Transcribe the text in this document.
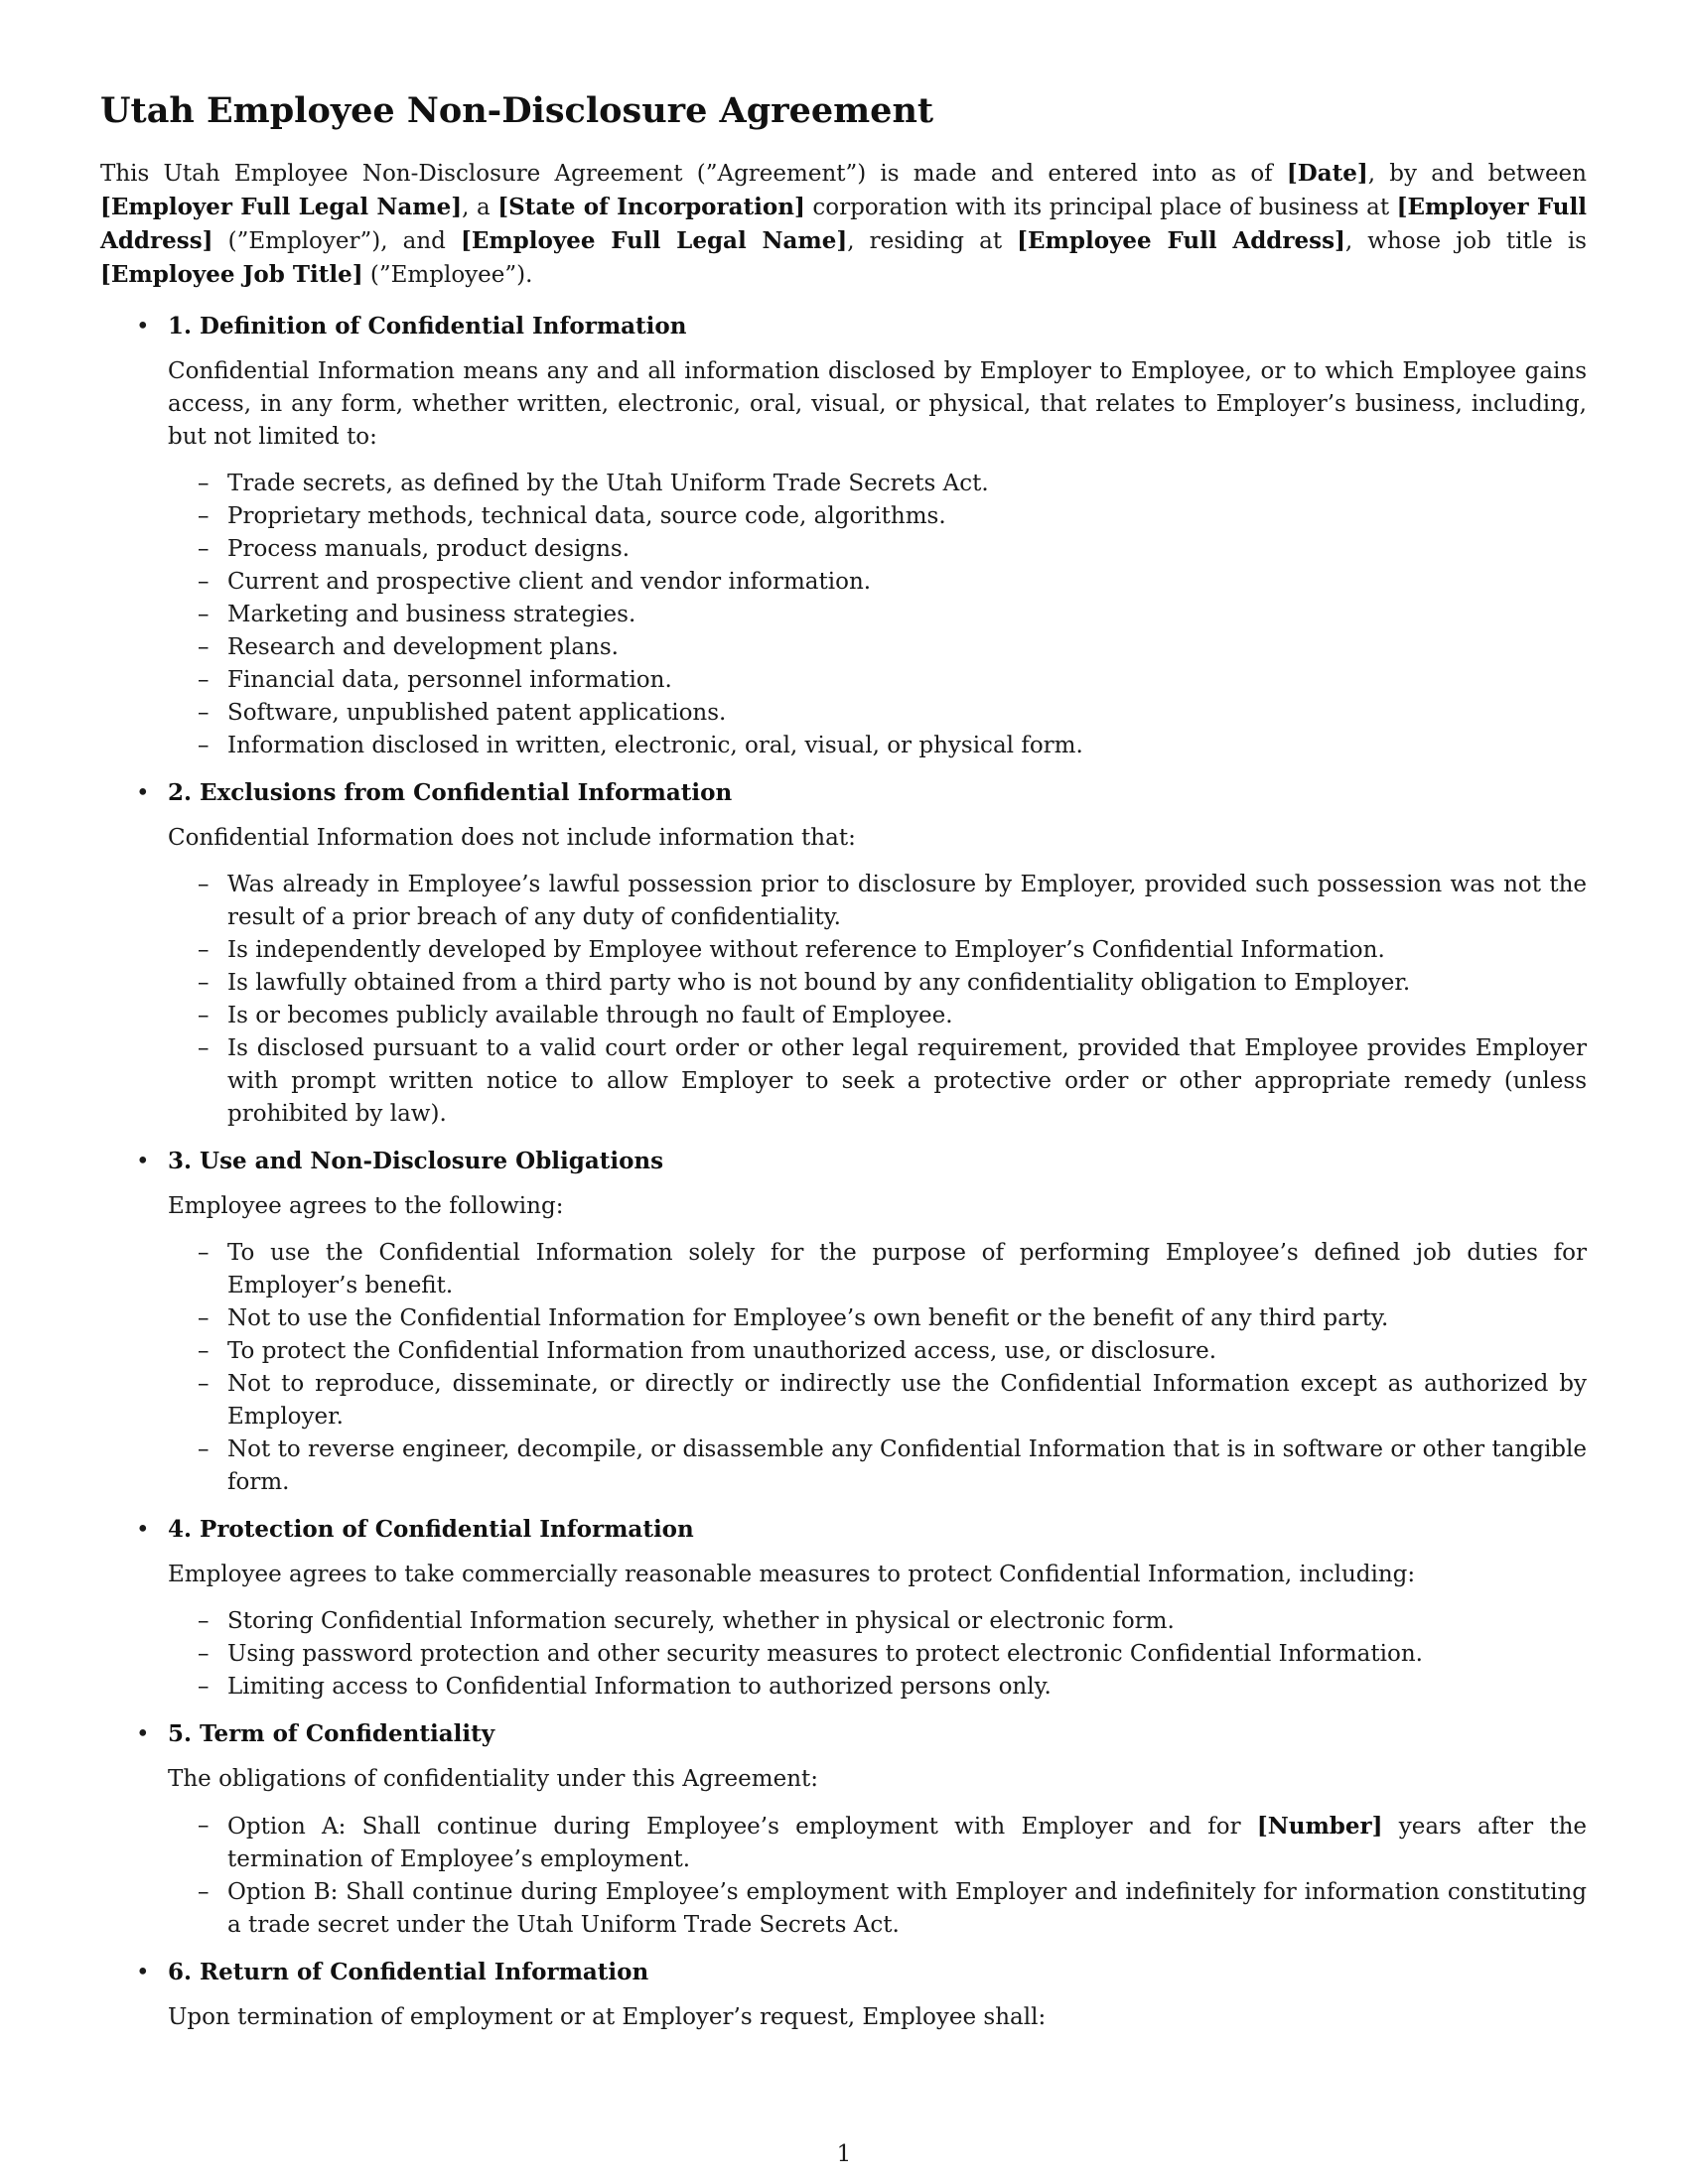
Utah Employee Non-Disclosure Agreement

This Utah Employee Non-Disclosure Agreement (”Agreement”) is made and entered into as of [Date], by and between [Employer Full Legal Name], a [State of Incorporation] corporation with its principal place of business at [Employer Full Address] (”Employer”), and [Employee Full Legal Name], residing at [Employee Full Address], whose job title is [Employee Job Title] (”Employee”).

• 1. Definition of Confidential Information

Confidential Information means any and all information disclosed by Employer to Employee, or to which Employee gains access, in any form, whether written, electronic, oral, visual, or physical, that relates to Employer’s business, including, but not limited to:

– Trade secrets, as defined by the Utah Uniform Trade Secrets Act.
– Proprietary methods, technical data, source code, algorithms.
– Process manuals, product designs.
– Current and prospective client and vendor information.
– Marketing and business strategies.
– Research and development plans.
– Financial data, personnel information.
– Software, unpublished patent applications.
– Information disclosed in written, electronic, oral, visual, or physical form.
• 2. Exclusions from Confidential Information

Confidential Information does not include information that:

– Was already in Employee’s lawful possession prior to disclosure by Employer, provided such possession was not the result of a prior breach of any duty of confidentiality.
– Is independently developed by Employee without reference to Employer’s Confidential Information.
– Is lawfully obtained from a third party who is not bound by any confidentiality obligation to Employer.
– Is or becomes publicly available through no fault of Employee.
– Is disclosed pursuant to a valid court order or other legal requirement, provided that Employee provides Employer with prompt written notice to allow Employer to seek a protective order or other appropriate remedy (unless prohibited by law).
• 3. Use and Non-Disclosure Obligations

Employee agrees to the following:

– To use the Confidential Information solely for the purpose of performing Employee’s defined job duties for Employer’s benefit.
– Not to use the Confidential Information for Employee’s own benefit or the benefit of any third party.
– To protect the Confidential Information from unauthorized access, use, or disclosure.
– Not to reproduce, disseminate, or directly or indirectly use the Confidential Information except as authorized by Employer.
– Not to reverse engineer, decompile, or disassemble any Confidential Information that is in software or other tangible form.
• 4. Protection of Confidential Information

Employee agrees to take commercially reasonable measures to protect Confidential Information, including:

– Storing Confidential Information securely, whether in physical or electronic form.
– Using password protection and other security measures to protect electronic Confidential Information.
– Limiting access to Confidential Information to authorized persons only.
• 5. Term of Confidentiality

The obligations of confidentiality under this Agreement:

– Option A: Shall continue during Employee’s employment with Employer and for [Number] years after the termination of Employee’s employment.
– Option B: Shall continue during Employee’s employment with Employer and indefinitely for information constituting a trade secret under the Utah Uniform Trade Secrets Act.
• 6. Return of Confidential Information

Upon termination of employment or at Employer’s request, Employee shall:

1
